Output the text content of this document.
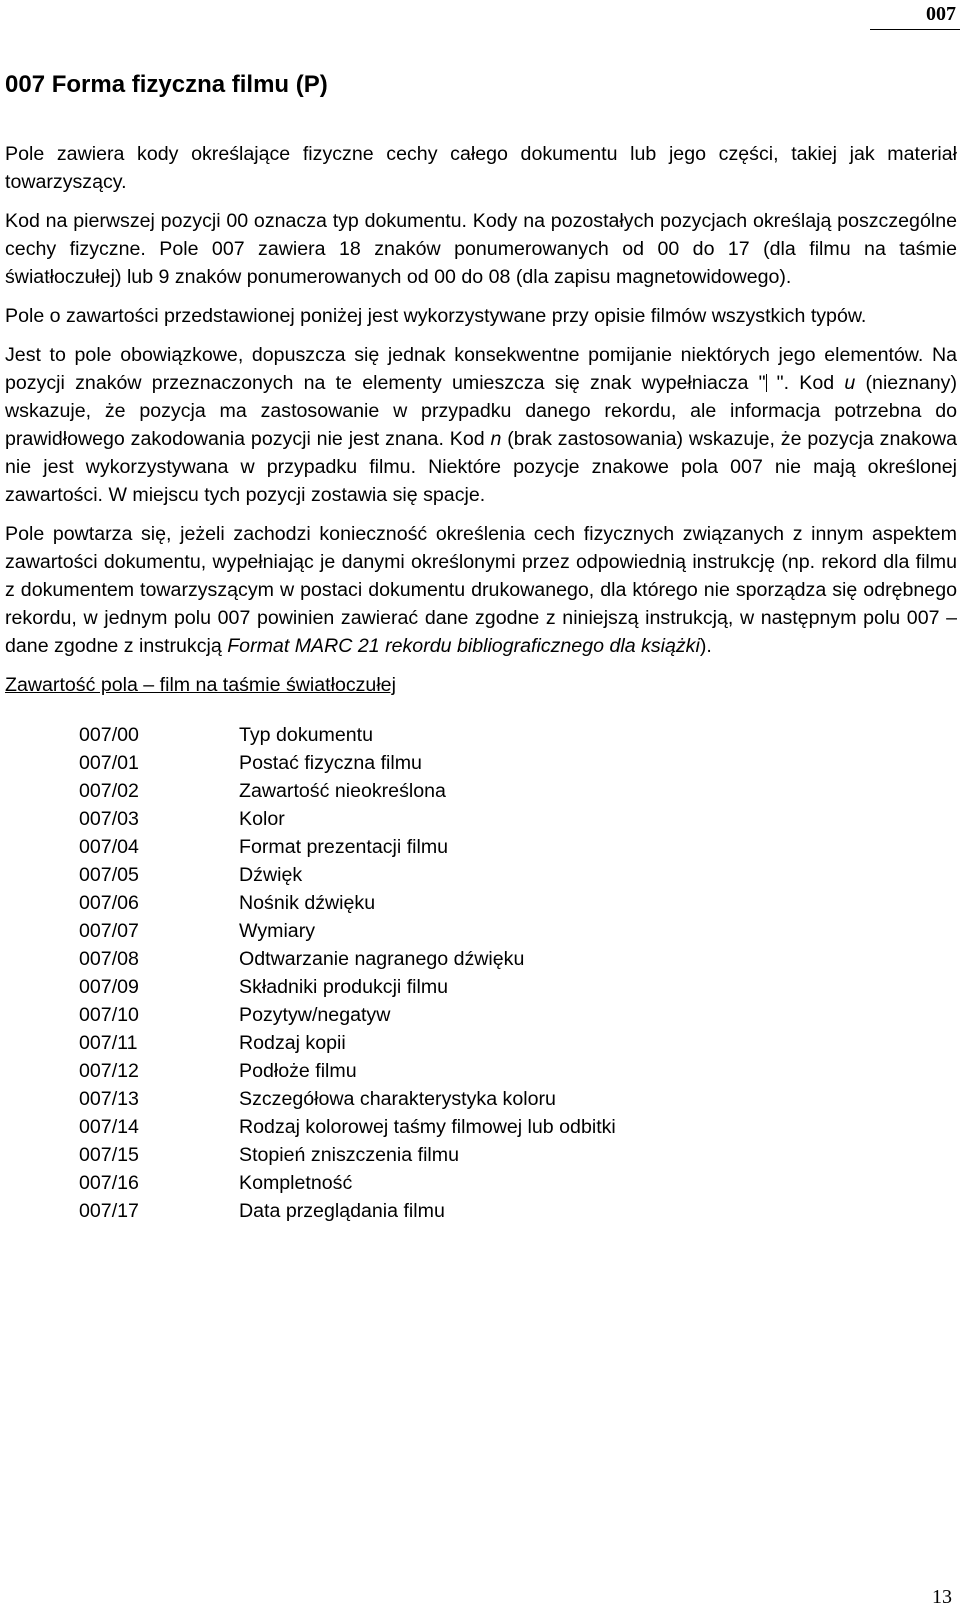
007
007 Forma fizyczna filmu (P)

Pole zawiera kody określające fizyczne cechy całego dokumentu lub jego części, takiej jak materiał towarzyszący.

Kod na pierwszej pozycji 00 oznacza typ dokumentu. Kody na pozostałych pozycjach określają poszczególne cechy fizyczne. Pole 007 zawiera 18 znaków ponumerowanych od 00 do 17 (dla filmu na taśmie światłoczułej) lub 9 znaków ponumerowanych od 00 do 08 (dla zapisu magnetowidowego).

Pole o zawartości przedstawionej poniżej jest wykorzystywane przy opisie filmów wszystkich typów.

Jest to pole obowiązkowe, dopuszcza się jednak konsekwentne pomijanie niektórych jego elementów. Na pozycji znaków przeznaczonych na te elementy umieszcza się znak wypełniacza " ". Kod u (nieznany) wskazuje, że pozycja ma zastosowanie w przypadku danego rekordu, ale informacja potrzebna do prawidłowego zakodowania pozycji nie jest znana. Kod n (brak zastosowania) wskazuje, że pozycja znakowa nie jest wykorzystywana w przypadku filmu. Niektóre pozycje znakowe pola 007 nie mają określonej zawartości. W miejscu tych pozycji zostawia się spacje.

Pole powtarza się, jeżeli zachodzi konieczność określenia cech fizycznych związanych z innym aspektem zawartości dokumentu, wypełniając je danymi określonymi przez odpowiednią instrukcję (np. rekord dla filmu z dokumentem towarzyszącym w postaci dokumentu drukowanego, dla którego nie sporządza się odrębnego rekordu, w jednym polu 007 powinien zawierać dane zgodne z niniejszą instrukcją, w następnym polu 007 – dane zgodne z instrukcją Format MARC 21 rekordu bibliograficznego dla książki).

Zawartość pola – film na taśmie światłoczułej
007/00	Typ dokumentu
007/01	Postać fizyczna filmu
007/02	Zawartość nieokreślona
007/03	Kolor
007/04	Format prezentacji filmu
007/05	Dźwięk
007/06	Nośnik dźwięku
007/07	Wymiary
007/08	Odtwarzanie nagranego dźwięku
007/09	Składniki produkcji filmu
007/10	Pozytyw/negatyw
007/11	Rodzaj kopii
007/12	Podłoże filmu
007/13	Szczegółowa charakterystyka koloru
007/14	Rodzaj kolorowej taśmy filmowej lub odbitki
007/15	Stopień zniszczenia filmu
007/16	Kompletność
007/17	Data przeglądania filmu
13
